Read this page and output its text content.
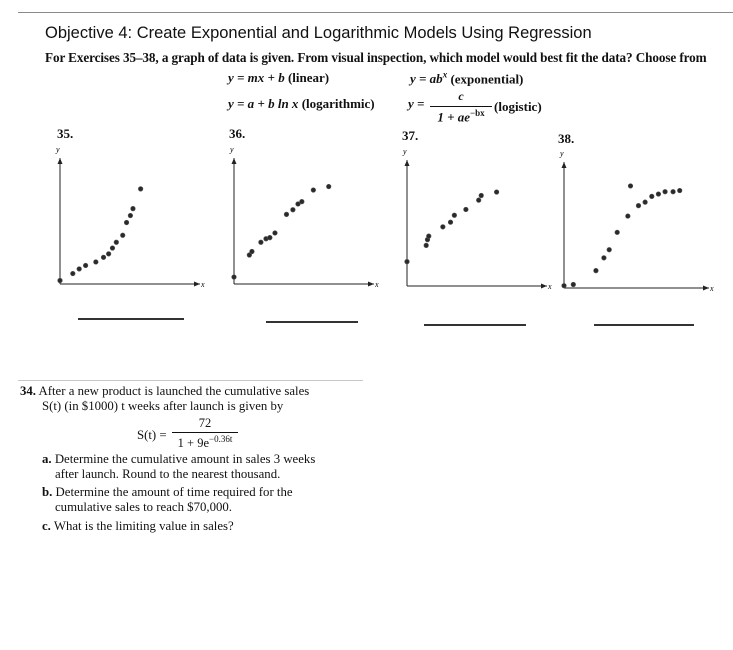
Objective 4: Create Exponential and Logarithmic Models Using Regression
For Exercises 35–38, a graph of data is given. From visual inspection, which model would best fit the data? Choose from
y = mx + b (linear)	$y = ab^x$ (exponential)
y = a + b ln x (logarithmic)	y =	c
$1 + ae^{-bx}$ (logistic)
35.	36.	37.	38.
y
x
y
x
y
x
y
x
34. After a new product is launched the cumulative sales
S(t) (in $1000) t weeks after launch is given by
S(t) =
72
$1 + 9e^{-0.36t}$
a. Determine the cumulative amount in sales 3 weeks
after launch. Round to the nearest thousand.
b. Determine the amount of time required for the
cumulative sales to reach $70,000.
c. What is the limiting value in sales?
